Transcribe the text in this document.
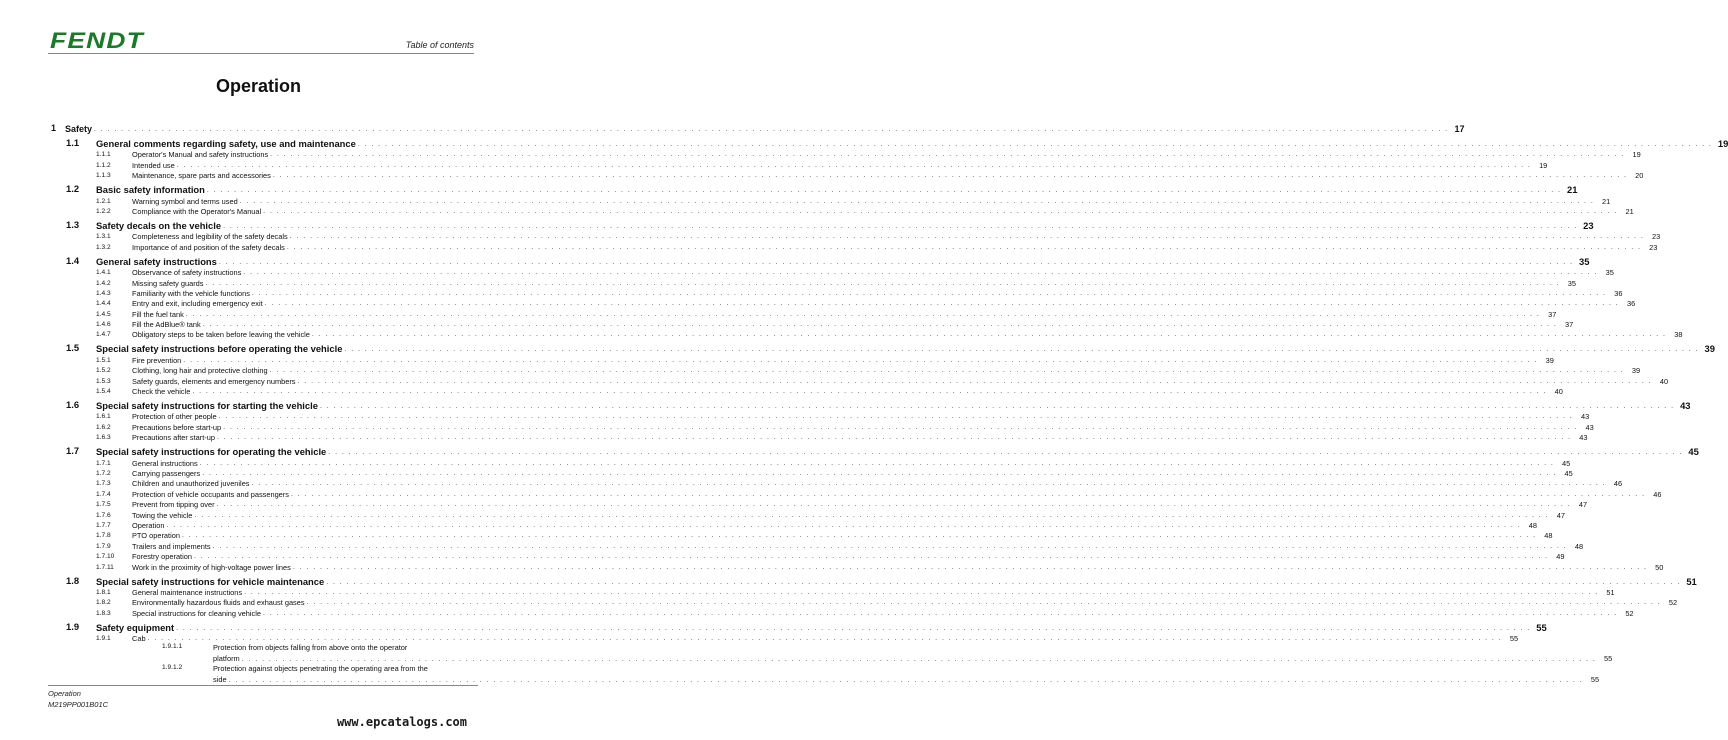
FENDT	Table of contents
Operation
1 Safety . . . . . . . . . . . . . . . . . . . . . . . . . . . . . . . . . . . . . . . . . . . . . . . . . . . . . . . . . . . . . . . . . . . . . . . . . . . . . . . . . . . . . . . . . . . . . . . . . . . . . . . . . . . . . . . . . . . . . . . . . . . . . . . . . . . . . . . . . . . . . . . . . . . . . . . . . . . . . . . . . . . . . . . . . . . . . . . . . . . . . . . . . . . . . . . . . . . . . . . . 17
1.1 General comments regarding safety, use and maintenance . . . . . . . . . . . . . . . . . . . . . . . . . . . . . . . . . . . . . . . . . . . . . . . . . . . . . . . . . . . . . . . . . . . . . . . . . . . . . . . . . . . . . . . . . . . . . . . . . . . . . . . . . . . . . . . . . . . . . . . . . . . . . . . . . . . . . . . . . . . . . . . . . . . . . . . . . . . . . . . . . . . . . . . . . . . . . . . . . . . . . . . . . . . . . . . . . . . . . . . . 19
1.1.1	Operator's Manual and safety instructions . . . . . . . . . . . . . . . . . . . . . . . . . . . . . . . . . . . . . . . . . . . . . . . . . . . . . . . . . . . . . . . . . . . . . . . . . . . . . . . . . . . . . . . . . . . . . . . . . . . . . . . . . . . . . . . . . . . . . . . . . . . . . . . . . . . . . . . . . . . . . . . . . . . . . . . . . . . . . . . . . . . . . . . . . . . . . . . . . . . . . . . . . . . . . . . . . . . . . . . .	19
1.1.2	Intended use . . . . . . . . . . . . . . . . . . . . . . . . . . . . . . . . . . . . . . . . . . . . . . . . . . . . . . . . . . . . . . . . . . . . . . . . . . . . . . . . . . . . . . . . . . . . . . . . . . . . . . . . . . . . . . . . . . . . . . . . . . . . . . . . . . . . . . . . . . . . . . . . . . . . . . . . . . . . . . . . . . . . . . . . . . . . . . . . . . . . . . . . . . . . . . . . . . . . . . . .	19
1.1.3	Maintenance, spare parts and accessories . . . . . . . . . . . . . . . . . . . . . . . . . . . . . . . . . . . . . . . . . . . . . . . . . . . . . . . . . . . . . . . . . . . . . . . . . . . . . . . . . . . . . . . . . . . . . . . . . . . . . . . . . . . . . . . . . . . . . . . . . . . . . . . . . . . . . . . . . . . . . . . . . . . . . . . . . . . . . . . . . . . . . . . . . . . . . . . . . . . . . . . . . . . . . . . . . . . . . . . .	20
1.2 Basic safety information . . . . . . . . . . . . . . . . . . . . . . . . . . . . . . . . . . . . . . . . . . . . . . . . . . . . . . . . . . . . . . . . . . . . . . . . . . . . . . . . . . . . . . . . . . . . . . . . . . . . . . . . . . . . . . . . . . . . . . . . . . . . . . . . . . . . . . . . . . . . . . . . . . . . . . . . . . . . . . . . . . . . . . . . . . . . . . . . . . . . . . . . . . . . . . . . . . . . . . . . 21
1.2.1	Warning symbol and terms used . . . . . . . . . . . . . . . . . . . . . . . . . . . . . . . . . . . . . . . . . . . . . . . . . . . . . . . . . . . . . . . . . . . . . . . . . . . . . . . . . . . . . . . . . . . . . . . . . . . . . . . . . . . . . . . . . . . . . . . . . . . . . . . . . . . . . . . . . . . . . . . . . . . . . . . . . . . . . . . . . . . . . . . . . . . . . . . . . . . . . . . . . . . . . . . . . . . . . . . .	21
1.2.2	Compliance with the Operator's Manual . . . . . . . . . . . . . . . . . . . . . . . . . . . . . . . . . . . . . . . . . . . . . . . . . . . . . . . . . . . . . . . . . . . . . . . . . . . . . . . . . . . . . . . . . . . . . . . . . . . . . . . . . . . . . . . . . . . . . . . . . . . . . . . . . . . . . . . . . . . . . . . . . . . . . . . . . . . . . . . . . . . . . . . . . . . . . . . . . . . . . . . . . . . . . . . . . . . . . . . .	21
1.3 Safety decals on the vehicle . . . . . . . . . . . . . . . . . . . . . . . . . . . . . . . . . . . . . . . . . . . . . . . . . . . . . . . . . . . . . . . . . . . . . . . . . . . . . . . . . . . . . . . . . . . . . . . . . . . . . . . . . . . . . . . . . . . . . . . . . . . . . . . . . . . . . . . . . . . . . . . . . . . . . . . . . . . . . . . . . . . . . . . . . . . . . . . . . . . . . . . . . . . . . . . . . . . . . . . . 23
1.3.1	Completeness and legibility of the safety decals . . . . . . . . . . . . . . . . . . . . . . . . . . . . . . . . . . . . . . . . . . . . . . . . . . . . . . . . . . . . . . . . . . . . . . . . . . . . . . . . . . . . . . . . . . . . . . . . . . . . . . . . . . . . . . . . . . . . . . . . . . . . . . . . . . . . . . . . . . . . . . . . . . . . . . . . . . . . . . . . . . . . . . . . . . . . . . . . . . . . . . . . . . . . . . . . . . . . . . . .	23
1.3.2	Importance of and position of the safety decals . . . . . . . . . . . . . . . . . . . . . . . . . . . . . . . . . . . . . . . . . . . . . . . . . . . . . . . . . . . . . . . . . . . . . . . . . . . . . . . . . . . . . . . . . . . . . . . . . . . . . . . . . . . . . . . . . . . . . . . . . . . . . . . . . . . . . . . . . . . . . . . . . . . . . . . . . . . . . . . . . . . . . . . . . . . . . . . . . . . . . . . . . . . . . . . . . . . . . . . .	23
1.4 General safety instructions . . . . . . . . . . . . . . . . . . . . . . . . . . . . . . . . . . . . . . . . . . . . . . . . . . . . . . . . . . . . . . . . . . . . . . . . . . . . . . . . . . . . . . . . . . . . . . . . . . . . . . . . . . . . . . . . . . . . . . . . . . . . . . . . . . . . . . . . . . . . . . . . . . . . . . . . . . . . . . . . . . . . . . . . . . . . . . . . . . . . . . . . . . . . . . . . . . . . . . . . 35
1.4.1	Observance of safety instructions . . . . . . . . . . . . . . . . . . . . . . . . . . . . . . . . . . . . . . . . . . . . . . . . . . . . . . . . . . . . . . . . . . . . . . . . . . . . . . . . . . . . . . . . . . . . . . . . . . . . . . . . . . . . . . . . . . . . . . . . . . . . . . . . . . . . . . . . . . . . . . . . . . . . . . . . . . . . . . . . . . . . . . . . . . . . . . . . . . . . . . . . . . . . . . . . . . . . . . . .	35
1.4.2	Missing safety guards . . . . . . . . . . . . . . . . . . . . . . . . . . . . . . . . . . . . . . . . . . . . . . . . . . . . . . . . . . . . . . . . . . . . . . . . . . . . . . . . . . . . . . . . . . . . . . . . . . . . . . . . . . . . . . . . . . . . . . . . . . . . . . . . . . . . . . . . . . . . . . . . . . . . . . . . . . . . . . . . . . . . . . . . . . . . . . . . . . . . . . . . . . . . . . . . . . . . . . . .	35
1.4.3	Familiarity with the vehicle functions . . . . . . . . . . . . . . . . . . . . . . . . . . . . . . . . . . . . . . . . . . . . . . . . . . . . . . . . . . . . . . . . . . . . . . . . . . . . . . . . . . . . . . . . . . . . . . . . . . . . . . . . . . . . . . . . . . . . . . . . . . . . . . . . . . . . . . . . . . . . . . . . . . . . . . . . . . . . . . . . . . . . . . . . . . . . . . . . . . . . . . . . . . . . . . . . . . . . . . . .	36
1.4.4	Entry and exit, including emergency exit . . . . . . . . . . . . . . . . . . . . . . . . . . . . . . . . . . . . . . . . . . . . . . . . . . . . . . . . . . . . . . . . . . . . . . . . . . . . . . . . . . . . . . . . . . . . . . . . . . . . . . . . . . . . . . . . . . . . . . . . . . . . . . . . . . . . . . . . . . . . . . . . . . . . . . . . . . . . . . . . . . . . . . . . . . . . . . . . . . . . . . . . . . . . . . . . . . . . . . . .	36
1.4.5	Fill the fuel tank . . . . . . . . . . . . . . . . . . . . . . . . . . . . . . . . . . . . . . . . . . . . . . . . . . . . . . . . . . . . . . . . . . . . . . . . . . . . . . . . . . . . . . . . . . . . . . . . . . . . . . . . . . . . . . . . . . . . . . . . . . . . . . . . . . . . . . . . . . . . . . . . . . . . . . . . . . . . . . . . . . . . . . . . . . . . . . . . . . . . . . . . . . . . . . . . . . . . . . . .	37
1.4.6	Fill the AdBlue® tank . . . . . . . . . . . . . . . . . . . . . . . . . . . . . . . . . . . . . . . . . . . . . . . . . . . . . . . . . . . . . . . . . . . . . . . . . . . . . . . . . . . . . . . . . . . . . . . . . . . . . . . . . . . . . . . . . . . . . . . . . . . . . . . . . . . . . . . . . . . . . . . . . . . . . . . . . . . . . . . . . . . . . . . . . . . . . . . . . . . . . . . . . . . . . . . . . . . . . . . .	37
1.4.7	Obligatory steps to be taken before leaving the vehicle . . . . . . . . . . . . . . . . . . . . . . . . . . . . . . . . . . . . . . . . . . . . . . . . . . . . . . . . . . . . . . . . . . . . . . . . . . . . . . . . . . . . . . . . . . . . . . . . . . . . . . . . . . . . . . . . . . . . . . . . . . . . . . . . . . . . . . . . . . . . . . . . . . . . . . . . . . . . . . . . . . . . . . . . . . . . . . . . . . . . . . . . . . . . . . . . . . . . . . . .	38
1.5 Special safety instructions before operating the vehicle . . . . . . . . . . . . . . . . . . . . . . . . . . . . . . . . . . . . . . . . . . . . . . . . . . . . . . . . . . . . . . . . . . . . . . . . . . . . . . . . . . . . . . . . . . . . . . . . . . . . . . . . . . . . . . . . . . . . . . . . . . . . . . . . . . . . . . . . . . . . . . . . . . . . . . . . . . . . . . . . . . . . . . . . . . . . . . . . . . . . . . . . . . . . . . . . . . . . . . . . 39
1.5.1	Fire prevention . . . . . . . . . . . . . . . . . . . . . . . . . . . . . . . . . . . . . . . . . . . . . . . . . . . . . . . . . . . . . . . . . . . . . . . . . . . . . . . . . . . . . . . . . . . . . . . . . . . . . . . . . . . . . . . . . . . . . . . . . . . . . . . . . . . . . . . . . . . . . . . . . . . . . . . . . . . . . . . . . . . . . . . . . . . . . . . . . . . . . . . . . . . . . . . . . . . . . . . .	39
1.5.2	Clothing, long hair and protective clothing . . . . . . . . . . . . . . . . . . . . . . . . . . . . . . . . . . . . . . . . . . . . . . . . . . . . . . . . . . . . . . . . . . . . . . . . . . . . . . . . . . . . . . . . . . . . . . . . . . . . . . . . . . . . . . . . . . . . . . . . . . . . . . . . . . . . . . . . . . . . . . . . . . . . . . . . . . . . . . . . . . . . . . . . . . . . . . . . . . . . . . . . . . . . . . . . . . . . . . . .	39
1.5.3	Safety guards, elements and emergency numbers . . . . . . . . . . . . . . . . . . . . . . . . . . . . . . . . . . . . . . . . . . . . . . . . . . . . . . . . . . . . . . . . . . . . . . . . . . . . . . . . . . . . . . . . . . . . . . . . . . . . . . . . . . . . . . . . . . . . . . . . . . . . . . . . . . . . . . . . . . . . . . . . . . . . . . . . . . . . . . . . . . . . . . . . . . . . . . . . . . . . . . . . . . . . . . . . . . . . . . . .	40
1.5.4	Check the vehicle . . . . . . . . . . . . . . . . . . . . . . . . . . . . . . . . . . . . . . . . . . . . . . . . . . . . . . . . . . . . . . . . . . . . . . . . . . . . . . . . . . . . . . . . . . . . . . . . . . . . . . . . . . . . . . . . . . . . . . . . . . . . . . . . . . . . . . . . . . . . . . . . . . . . . . . . . . . . . . . . . . . . . . . . . . . . . . . . . . . . . . . . . . . . . . . . . . . . . . . .	40
1.6 Special safety instructions for starting the vehicle . . . . . . . . . . . . . . . . . . . . . . . . . . . . . . . . . . . . . . . . . . . . . . . . . . . . . . . . . . . . . . . . . . . . . . . . . . . . . . . . . . . . . . . . . . . . . . . . . . . . . . . . . . . . . . . . . . . . . . . . . . . . . . . . . . . . . . . . . . . . . . . . . . . . . . . . . . . . . . . . . . . . . . . . . . . . . . . . . . . . . . . . . . . . . . . . . . . . . . . . 43
1.6.1	Protection of other people . . . . . . . . . . . . . . . . . . . . . . . . . . . . . . . . . . . . . . . . . . . . . . . . . . . . . . . . . . . . . . . . . . . . . . . . . . . . . . . . . . . . . . . . . . . . . . . . . . . . . . . . . . . . . . . . . . . . . . . . . . . . . . . . . . . . . . . . . . . . . . . . . . . . . . . . . . . . . . . . . . . . . . . . . . . . . . . . . . . . . . . . . . . . . . . . . . . . . . . .	43
1.6.2	Precautions before start-up . . . . . . . . . . . . . . . . . . . . . . . . . . . . . . . . . . . . . . . . . . . . . . . . . . . . . . . . . . . . . . . . . . . . . . . . . . . . . . . . . . . . . . . . . . . . . . . . . . . . . . . . . . . . . . . . . . . . . . . . . . . . . . . . . . . . . . . . . . . . . . . . . . . . . . . . . . . . . . . . . . . . . . . . . . . . . . . . . . . . . . . . . . . . . . . . . . . . . . . .	43
1.6.3	Precautions after start-up . . . . . . . . . . . . . . . . . . . . . . . . . . . . . . . . . . . . . . . . . . . . . . . . . . . . . . . . . . . . . . . . . . . . . . . . . . . . . . . . . . . . . . . . . . . . . . . . . . . . . . . . . . . . . . . . . . . . . . . . . . . . . . . . . . . . . . . . . . . . . . . . . . . . . . . . . . . . . . . . . . . . . . . . . . . . . . . . . . . . . . . . . . . . . . . . . . . . . . . .	43
1.7 Special safety instructions for operating the vehicle . . . . . . . . . . . . . . . . . . . . . . . . . . . . . . . . . . . . . . . . . . . . . . . . . . . . . . . . . . . . . . . . . . . . . . . . . . . . . . . . . . . . . . . . . . . . . . . . . . . . . . . . . . . . . . . . . . . . . . . . . . . . . . . . . . . . . . . . . . . . . . . . . . . . . . . . . . . . . . . . . . . . . . . . . . . . . . . . . . . . . . . . . . . . . . . . . . . . . . . . 45
1.7.1	General instructions . . . . . . . . . . . . . . . . . . . . . . . . . . . . . . . . . . . . . . . . . . . . . . . . . . . . . . . . . . . . . . . . . . . . . . . . . . . . . . . . . . . . . . . . . . . . . . . . . . . . . . . . . . . . . . . . . . . . . . . . . . . . . . . . . . . . . . . . . . . . . . . . . . . . . . . . . . . . . . . . . . . . . . . . . . . . . . . . . . . . . . . . . . . . . . . . . . . . . . . .	45
1.7.2	Carrying passengers . . . . . . . . . . . . . . . . . . . . . . . . . . . . . . . . . . . . . . . . . . . . . . . . . . . . . . . . . . . . . . . . . . . . . . . . . . . . . . . . . . . . . . . . . . . . . . . . . . . . . . . . . . . . . . . . . . . . . . . . . . . . . . . . . . . . . . . . . . . . . . . . . . . . . . . . . . . . . . . . . . . . . . . . . . . . . . . . . . . . . . . . . . . . . . . . . . . . . . . .	45
1.7.3	Children and unauthorized juveniles . . . . . . . . . . . . . . . . . . . . . . . . . . . . . . . . . . . . . . . . . . . . . . . . . . . . . . . . . . . . . . . . . . . . . . . . . . . . . . . . . . . . . . . . . . . . . . . . . . . . . . . . . . . . . . . . . . . . . . . . . . . . . . . . . . . . . . . . . . . . . . . . . . . . . . . . . . . . . . . . . . . . . . . . . . . . . . . . . . . . . . . . . . . . . . . . . . . . . . . .	46
1.7.4	Protection of vehicle occupants and passengers . . . . . . . . . . . . . . . . . . . . . . . . . . . . . . . . . . . . . . . . . . . . . . . . . . . . . . . . . . . . . . . . . . . . . . . . . . . . . . . . . . . . . . . . . . . . . . . . . . . . . . . . . . . . . . . . . . . . . . . . . . . . . . . . . . . . . . . . . . . . . . . . . . . . . . . . . . . . . . . . . . . . . . . . . . . . . . . . . . . . . . . . . . . . . . . . . . . . . . . .	46
1.7.5	Prevent from tipping over . . . . . . . . . . . . . . . . . . . . . . . . . . . . . . . . . . . . . . . . . . . . . . . . . . . . . . . . . . . . . . . . . . . . . . . . . . . . . . . . . . . . . . . . . . . . . . . . . . . . . . . . . . . . . . . . . . . . . . . . . . . . . . . . . . . . . . . . . . . . . . . . . . . . . . . . . . . . . . . . . . . . . . . . . . . . . . . . . . . . . . . . . . . . . . . . . . . . . . . .	47
1.7.6	Towing the vehicle . . . . . . . . . . . . . . . . . . . . . . . . . . . . . . . . . . . . . . . . . . . . . . . . . . . . . . . . . . . . . . . . . . . . . . . . . . . . . . . . . . . . . . . . . . . . . . . . . . . . . . . . . . . . . . . . . . . . . . . . . . . . . . . . . . . . . . . . . . . . . . . . . . . . . . . . . . . . . . . . . . . . . . . . . . . . . . . . . . . . . . . . . . . . . . . . . . . . . . . .	47
1.7.7	Operation . . . . . . . . . . . . . . . . . . . . . . . . . . . . . . . . . . . . . . . . . . . . . . . . . . . . . . . . . . . . . . . . . . . . . . . . . . . . . . . . . . . . . . . . . . . . . . . . . . . . . . . . . . . . . . . . . . . . . . . . . . . . . . . . . . . . . . . . . . . . . . . . . . . . . . . . . . . . . . . . . . . . . . . . . . . . . . . . . . . . . . . . . . . . . . . . . . . . . . . .	48
1.7.8	PTO operation . . . . . . . . . . . . . . . . . . . . . . . . . . . . . . . . . . . . . . . . . . . . . . . . . . . . . . . . . . . . . . . . . . . . . . . . . . . . . . . . . . . . . . . . . . . . . . . . . . . . . . . . . . . . . . . . . . . . . . . . . . . . . . . . . . . . . . . . . . . . . . . . . . . . . . . . . . . . . . . . . . . . . . . . . . . . . . . . . . . . . . . . . . . . . . . . . . . . . . . .	48
1.7.9	Trailers and implements . . . . . . . . . . . . . . . . . . . . . . . . . . . . . . . . . . . . . . . . . . . . . . . . . . . . . . . . . . . . . . . . . . . . . . . . . . . . . . . . . . . . . . . . . . . . . . . . . . . . . . . . . . . . . . . . . . . . . . . . . . . . . . . . . . . . . . . . . . . . . . . . . . . . . . . . . . . . . . . . . . . . . . . . . . . . . . . . . . . . . . . . . . . . . . . . . . . . . . . .	48
1.7.10 Forestry operation . . . . . . . . . . . . . . . . . . . . . . . . . . . . . . . . . . . . . . . . . . . . . . . . . . . . . . . . . . . . . . . . . . . . . . . . . . . . . . . . . . . . . . . . . . . . . . . . . . . . . . . . . . . . . . . . . . . . . . . . . . . . . . . . . . . . . . . . . . . . . . . . . . . . . . . . . . . . . . . . . . . . . . . . . . . . . . . . . . . . . . . . . . . . . . . . . . . . . . . .	49
1.7.11 Work in the proximity of high-voltage power lines . . . . . . . . . . . . . . . . . . . . . . . . . . . . . . . . . . . . . . . . . . . . . . . . . . . . . . . . . . . . . . . . . . . . . . . . . . . . . . . . . . . . . . . . . . . . . . . . . . . . . . . . . . . . . . . . . . . . . . . . . . . . . . . . . . . . . . . . . . . . . . . . . . . . . . . . . . . . . . . . . . . . . . . . . . . . . . . . . . . . . . . . . . . . . . . . . . . . . . . .	50
1.8 Special safety instructions for vehicle maintenance . . . . . . . . . . . . . . . . . . . . . . . . . . . . . . . . . . . . . . . . . . . . . . . . . . . . . . . . . . . . . . . . . . . . . . . . . . . . . . . . . . . . . . . . . . . . . . . . . . . . . . . . . . . . . . . . . . . . . . . . . . . . . . . . . . . . . . . . . . . . . . . . . . . . . . . . . . . . . . . . . . . . . . . . . . . . . . . . . . . . . . . . . . . . . . . . . . . . . . . . 51
1.8.1	General maintenance instructions . . . . . . . . . . . . . . . . . . . . . . . . . . . . . . . . . . . . . . . . . . . . . . . . . . . . . . . . . . . . . . . . . . . . . . . . . . . . . . . . . . . . . . . . . . . . . . . . . . . . . . . . . . . . . . . . . . . . . . . . . . . . . . . . . . . . . . . . . . . . . . . . . . . . . . . . . . . . . . . . . . . . . . . . . . . . . . . . . . . . . . . . . . . . . . . . . . . . . . . .	51
1.8.2	Environmentally hazardous fluids and exhaust gases . . . . . . . . . . . . . . . . . . . . . . . . . . . . . . . . . . . . . . . . . . . . . . . . . . . . . . . . . . . . . . . . . . . . . . . . . . . . . . . . . . . . . . . . . . . . . . . . . . . . . . . . . . . . . . . . . . . . . . . . . . . . . . . . . . . . . . . . . . . . . . . . . . . . . . . . . . . . . . . . . . . . . . . . . . . . . . . . . . . . . . . . . . . . . . . . . . . . . . . .	52
1.8.3	Special instructions for cleaning vehicle . . . . . . . . . . . . . . . . . . . . . . . . . . . . . . . . . . . . . . . . . . . . . . . . . . . . . . . . . . . . . . . . . . . . . . . . . . . . . . . . . . . . . . . . . . . . . . . . . . . . . . . . . . . . . . . . . . . . . . . . . . . . . . . . . . . . . . . . . . . . . . . . . . . . . . . . . . . . . . . . . . . . . . . . . . . . . . . . . . . . . . . . . . . . . . . . . . . . . . . .	52
1.9 Safety equipment . . . . . . . . . . . . . . . . . . . . . . . . . . . . . . . . . . . . . . . . . . . . . . . . . . . . . . . . . . . . . . . . . . . . . . . . . . . . . . . . . . . . . . . . . . . . . . . . . . . . . . . . . . . . . . . . . . . . . . . . . . . . . . . . . . . . . . . . . . . . . . . . . . . . . . . . . . . . . . . . . . . . . . . . . . . . . . . . . . . . . . . . . . . . . . . . . . . . . . . . 55
1.9.1	Cab . . . . . . . . . . . . . . . . . . . . . . . . . . . . . . . . . . . . . . . . . . . . . . . . . . . . . . . . . . . . . . . . . . . . . . . . . . . . . . . . . . . . . . . . . . . . . . . . . . . . . . . . . . . . . . . . . . . . . . . . . . . . . . . . . . . . . . . . . . . . . . . . . . . . . . . . . . . . . . . . . . . . . . . . . . . . . . . . . . . . . . . . . . . . . . . . . . . . . . . .	55
1.9.1.1	Protection from objects falling from above onto the operator
platform . . . . . . . . . . . . . . . . . . . . . . . . . . . . . . . . . . . . . . . . . . . . . . . . . . . . . . . . . . . . . . . . . . . . . . . . . . . . . . . . . . . . . . . . . . . . . . . . . . . . . . . . . . . . . . . . . . . . . . . . . . . . . . . . . . . . . . . . . . . . . . . . . . . . . . . . . . . . . . . . . . . . . . . . . . . . . . . . . . . . . . . . . . . . . . . . . . . . . . . .	55
1.9.1.2	Protection against objects penetrating the operating area from the
side . . . . . . . . . . . . . . . . . . . . . . . . . . . . . . . . . . . . . . . . . . . . . . . . . . . . . . . . . . . . . . . . . . . . . . . . . . . . . . . . . . . . . . . . . . . . . . . . . . . . . . . . . . . . . . . . . . . . . . . . . . . . . . . . . . . . . . . . . . . . . . . . . . . . . . . . . . . . . . . . . . . . . . . . . . . . . . . . . . . . . . . . . . . . . . . . . . . . . . . .	55
Operation
M219PP001B01C
www.epcatalogs.com
